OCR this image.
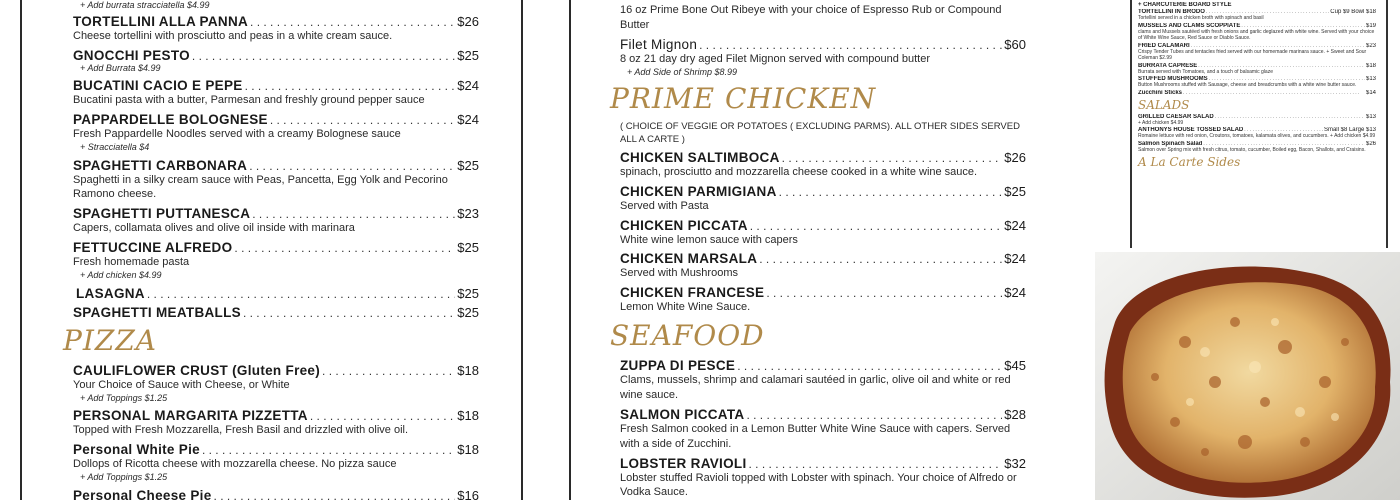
+ Add burrata stracciatella $4.99
TORTELLINI ALLA PANNA . . .	$26
Cheese tortellini with prosciutto and peas in a white cream sauce.
GNOCCHI PESTO . . .	$25
+ Add Burrata $4.99
BUCATINI CACIO E PEPE . . .	$24
Bucatini pasta with a butter, Parmesan and freshly ground pepper sauce
PAPPARDELLE BOLOGNESE . . .	$24
Fresh Pappardelle Noodles served with a creamy Bolognese sauce
+ Stracciatella $4
SPAGHETTI CARBONARA . . .	$25
Spaghetti in a silky cream sauce with Peas, Pancetta, Egg Yolk and Pecorino Ramono cheese.
SPAGHETTI PUTTANESCA . . .	$23
Capers, collamata olives and olive oil inside with marinara
FETTUCCINE ALFREDO . . .	$25
Fresh homemade pasta
+ Add chicken $4.99
LASAGNA . . .	$25
SPAGHETTI MEATBALLS . . .	$25
PIZZA
CAULIFLOWER CRUST (Gluten Free) . . .	$18
Your Choice of Sauce with Cheese, or White
+ Add Toppings $1.25
PERSONAL MARGARITA PIZZETTA . . .	$18
Topped with Fresh Mozzarella, Fresh Basil and drizzled with olive oil.
Personal White Pie . . .	$18
Dollops of Ricotta cheese with mozzarella cheese. No pizza sauce
+ Add Toppings $1.25
Personal Cheese Pie . . .	$16
16 oz Prime Bone Out Ribeye with your choice of Espresso Rub or Compound Butter
Filet Mignon . . .	$60
8 oz 21 day dry aged Filet Mignon served with compound butter
+ Add Side of Shrimp $8.99
PRIME CHICKEN
( CHOICE OF VEGGIE OR POTATOES ( EXCLUDING PARMS). ALL OTHER SIDES SERVED ALL A CARTE )
CHICKEN SALTIMBOCA . . .	$26
spinach, prosciutto and mozzarella cheese cooked in a white wine sauce.
CHICKEN PARMIGIANA . . .	$25
Served with Pasta
CHICKEN PICCATA . . .	$24
White wine lemon sauce with capers
CHICKEN MARSALA . . .	$24
Served with Mushrooms
CHICKEN FRANCESE . . .	$24
Lemon White Wine Sauce.
SEAFOOD
ZUPPA DI PESCE . . .	$45
Clams, mussels, shrimp and calamari sautéed in garlic, olive oil and white or red wine sauce.
SALMON PICCATA . . .	$28
Fresh Salmon cooked in a Lemon Butter White Wine Sauce with capers. Served with a side of Zucchini.
LOBSTER RAVIOLI . . .	$32
Lobster stuffed Ravioli topped with Lobster with spinach. Your choice of Alfredo or Vodka Sauce.
+ CHARCUTERIE BOARD STYLE
TORTELLINI IN BRODO . . .	Cup $9 Bowl $18
Tortellini served in a chicken broth with spinach and basil
MUSSELS AND CLAMS SCOPPIATE . . .	$19
clams and Mussels sautéed with fresh onions and garlic deglazed with white wine. Served with your choice of White Wine Sauce, Red Sauce or Diablo Sauce.
FRIED CALAMARI . . .	$23
Crispy Tender Tubes and tentacles fried served with our homemade marinara sauce. + Sweet and Sour Coleman $2.99
BURRATA CAPRESE . . .	$18
Burrata served with Tomatoes, and a touch of balsamic glaze
STUFFED MUSHROOMS . . .	$13
Button Mushrooms stuffed with Sausage, cheese and breadcrumbs with a white wine butter sauce.
Zucchini Sticks . . .	$14
SALADS
GRILLED CAESAR SALAD . . .	$13
+ Add chicken $4.99
ANTHONYS HOUSE TOSSED SALAD . . .	Small $8 Large $13
Romaine lettuce with red onion, Croutons, tomatoes, kalamata olives, and cucumbers. + Add chicken $4.99
Salmon Spinach Salad . . .	$26
Salmon over Spring mix with fresh citrus, tomato, cucumber, Boiled egg, Bacon, Shallots, and Craisins.
A La Carte Sides
